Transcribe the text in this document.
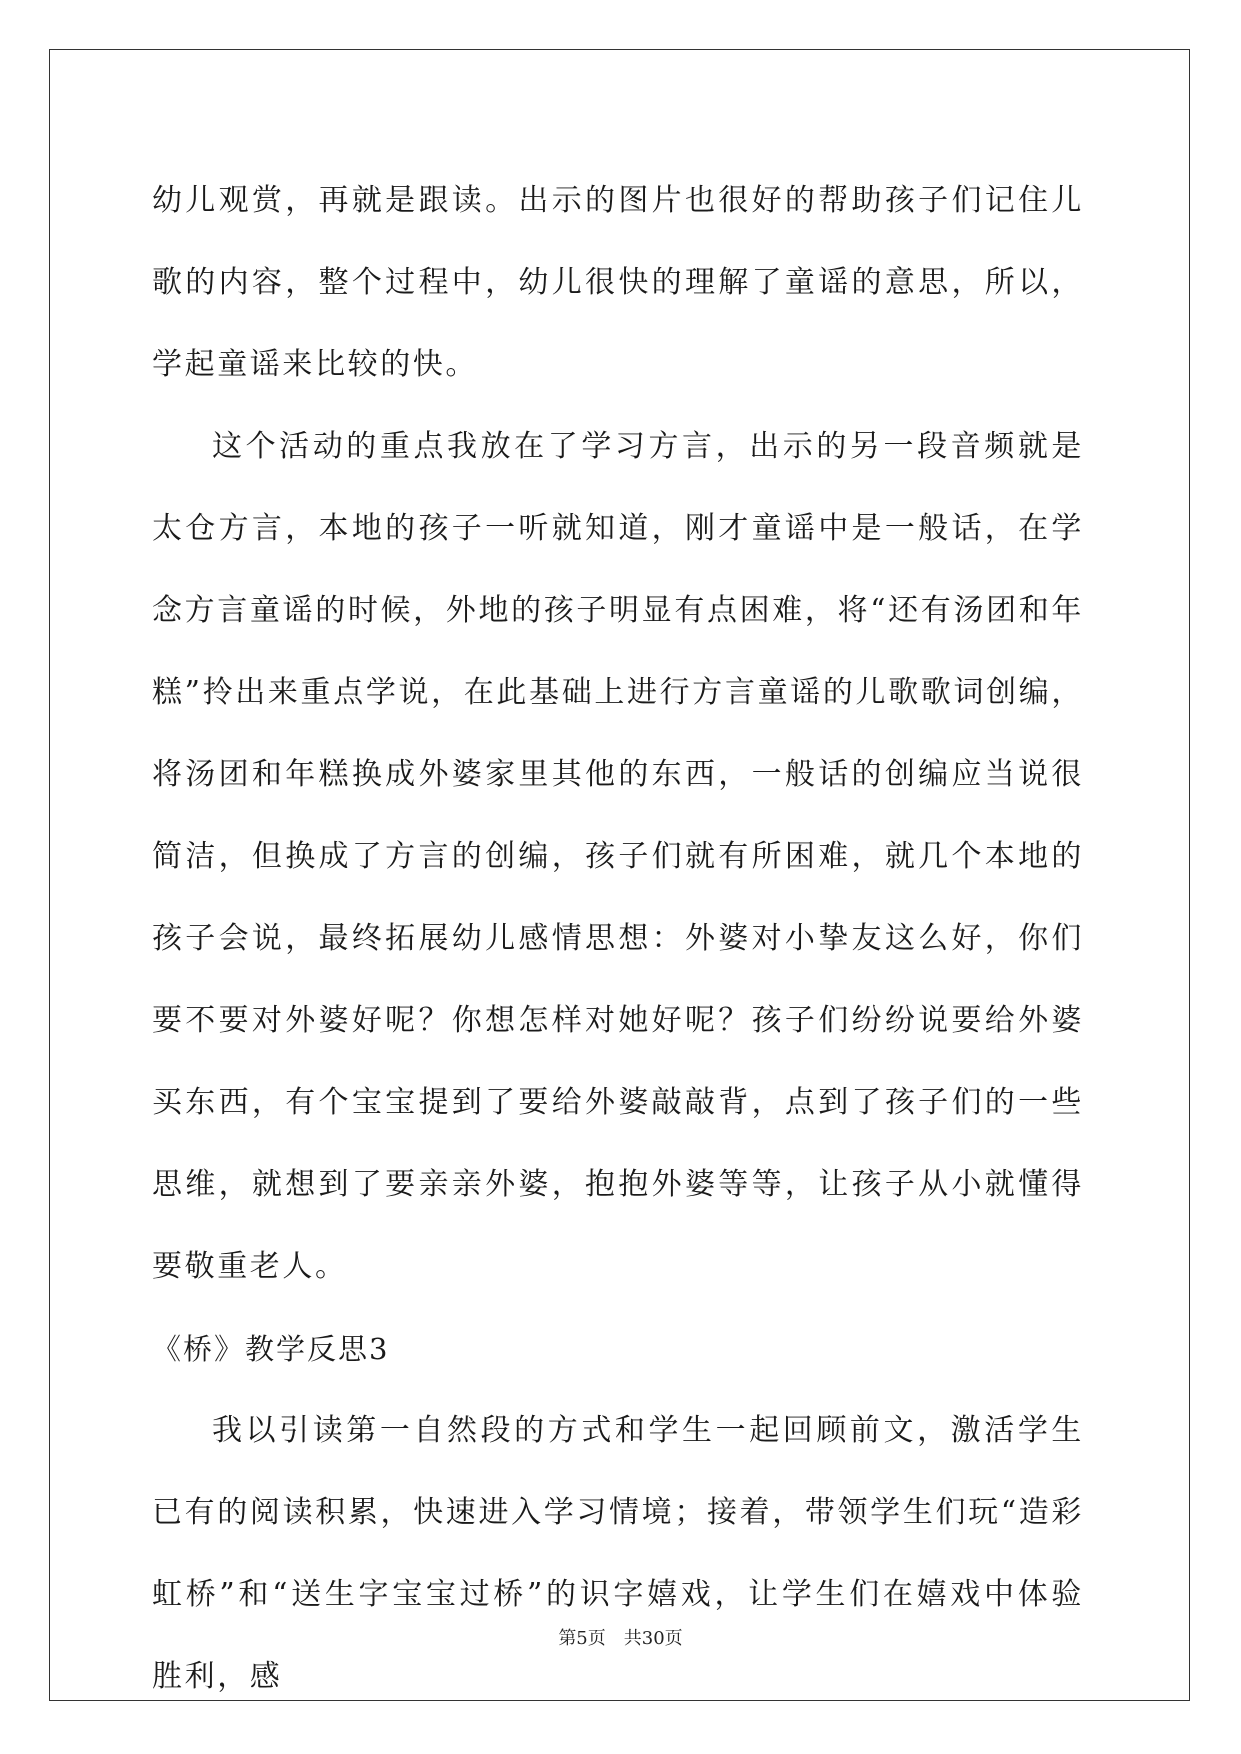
幼儿观赏，再就是跟读。出示的图片也很好的帮助孩子们记住儿歌的内容，整个过程中，幼儿很快的理解了童谣的意思，所以，学起童谣来比较的快。

这个活动的重点我放在了学习方言，出示的另一段音频就是太仓方言，本地的孩子一听就知道，刚才童谣中是一般话，在学念方言童谣的时候，外地的孩子明显有点困难，将“还有汤团和年糕”拎出来重点学说，在此基础上进行方言童谣的儿歌歌词创编，将汤团和年糕换成外婆家里其他的东西，一般话的创编应当说很简洁，但换成了方言的创编，孩子们就有所困难，就几个本地的孩子会说，最终拓展幼儿感情思想：外婆对小挚友这么好，你们要不要对外婆好呢？你想怎样对她好呢？孩子们纷纷说要给外婆买东西，有个宝宝提到了要给外婆敲敲背，点到了孩子们的一些思维，就想到了要亲亲外婆，抱抱外婆等等，让孩子从小就懂得要敬重老人。

《桥》教学反思3

我以引读第一自然段的方式和学生一起回顾前文，激活学生已有的阅读积累，快速进入学习情境；接着，带领学生们玩“造彩虹桥”和“送生字宝宝过桥”的识字嬉戏，让学生们在嬉戏中体验胜利，感

第5页 共30页
